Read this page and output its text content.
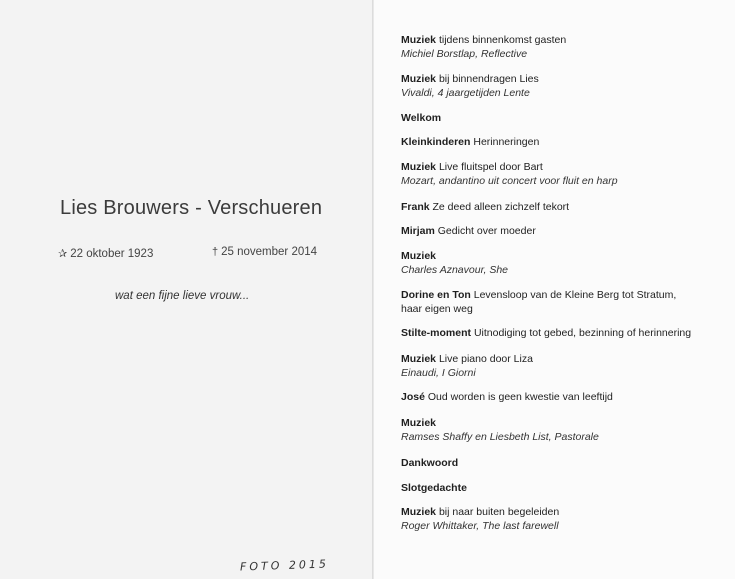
Lies Brouwers - Verschueren
✰ 22 oktober 1923	† 25 november 2014
wat een fijne lieve vrouw...
FOTO 2015
Muziek tijdens binnenkomst gasten
Michiel Borstlap, Reflective
Muziek bij binnendragen Lies
Vivaldi, 4 jaargetijden Lente
Welkom
Kleinkinderen Herinneringen
Muziek Live fluitspel door Bart
Mozart, andantino uit concert voor fluit en harp
Frank Ze deed alleen zichzelf tekort
Mirjam Gedicht over moeder
Muziek
Charles Aznavour, She
Dorine en Ton Levensloop van de Kleine Berg tot Stratum,
haar eigen weg
Stilte-moment Uitnodiging tot gebed, bezinning of herinnering
Muziek Live piano door Liza
Einaudi, I Giorni
José Oud worden is geen kwestie van leeftijd
Muziek
Ramses Shaffy en Liesbeth List, Pastorale
Dankwoord
Slotgedachte
Muziek bij naar buiten begeleiden
Roger Whittaker, The last farewell
